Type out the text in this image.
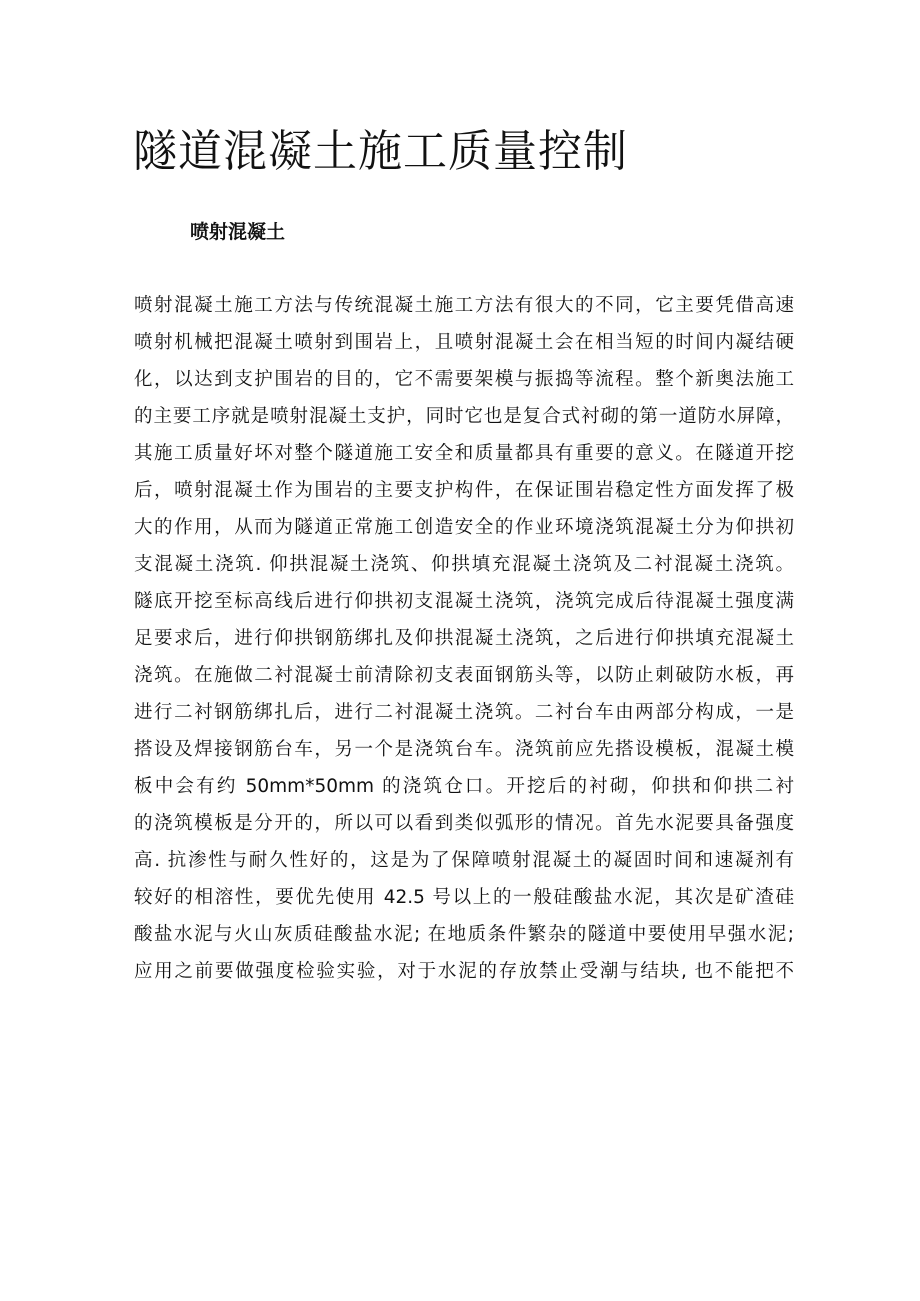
隧道混凝土施工质量控制
喷射混凝土
喷射混凝土施工方法与传统混凝土施工方法有很大的不同，它主要凭借高速
喷射机械把混凝土喷射到围岩上，且喷射混凝土会在相当短的时间内凝结硬
化，以达到支护围岩的目的，它不需要架模与振捣等流程。整个新奥法施工
的主要工序就是喷射混凝土支护，同时它也是复合式衬砌的第一道防水屏障，
其施工质量好坏对整个隧道施工安全和质量都具有重要的意义。在隧道开挖
后，喷射混凝土作为围岩的主要支护构件，在保证围岩稳定性方面发挥了极
大的作用，从而为隧道正常施工创造安全的作业环境浇筑混凝土分为仰拱初
支混凝土浇筑. 仰拱混凝土浇筑、仰拱填充混凝土浇筑及二衬混凝土浇筑。
隧底开挖至标高线后进行仰拱初支混凝土浇筑，浇筑完成后待混凝土强度满
足要求后，进行仰拱钢筋绑扎及仰拱混凝土浇筑，之后进行仰拱填充混凝土
浇筑。在施做二衬混凝士前清除初支表面钢筋头等，以防止刺破防水板，再
进行二衬钢筋绑扎后，进行二衬混凝土浇筑。二衬台车由两部分构成，一是
搭设及焊接钢筋台车，另一个是浇筑台车。浇筑前应先搭设模板，混凝土模
板中会有约 50mm*50mm 的浇筑仓口。开挖后的衬砌，仰拱和仰拱二衬
的浇筑模板是分开的，所以可以看到类似弧形的情况。首先水泥要具备强度
高. 抗渗性与耐久性好的，这是为了保障喷射混凝土的凝固时间和速凝剂有
较好的相溶性，要优先使用 42.5 号以上的一般硅酸盐水泥，其次是矿渣硅
酸盐水泥与火山灰质硅酸盐水泥; 在地质条件繁杂的隧道中要使用早强水泥;
应用之前要做强度检验实验，对于水泥的存放禁止受潮与结块, 也不能把不
